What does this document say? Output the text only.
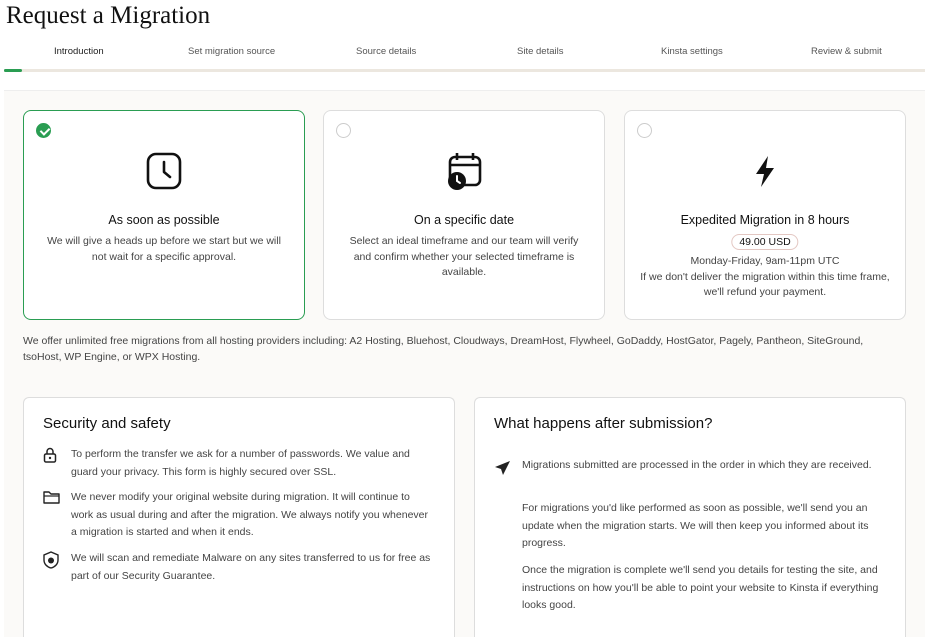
Request a Migration
Introduction	Set migration source	Source details	Site details	Kinsta settings	Review & submit
As soon as possible
We will give a heads up before we start but we will not wait for a specific approval.
On a specific date
Select an ideal timeframe and our team will verify and confirm whether your selected timeframe is available.
Expedited Migration in 8 hours
49.00 USD
Monday-Friday, 9am-11pm UTC
If we don't deliver the migration within this time frame, we'll refund your payment.
We offer unlimited free migrations from all hosting providers including: A2 Hosting, Bluehost, Cloudways, DreamHost, Flywheel, GoDaddy, HostGator, Pagely, Pantheon, SiteGround, tsoHost, WP Engine, or WPX Hosting.
Security and safety
To perform the transfer we ask for a number of passwords. We value and guard your privacy. This form is highly secured over SSL.
We never modify your original website during migration. It will continue to work as usual during and after the migration. We always notify you whenever a migration is started and when it ends.
We will scan and remediate Malware on any sites transferred to us for free as part of our Security Guarantee.
What happens after submission?
Migrations submitted are processed in the order in which they are received.
For migrations you'd like performed as soon as possible, we'll send you an update when the migration starts. We will then keep you informed about its progress.
Once the migration is complete we'll send you details for testing the site, and instructions on how you'll be able to point your website to Kinsta if everything looks good.
